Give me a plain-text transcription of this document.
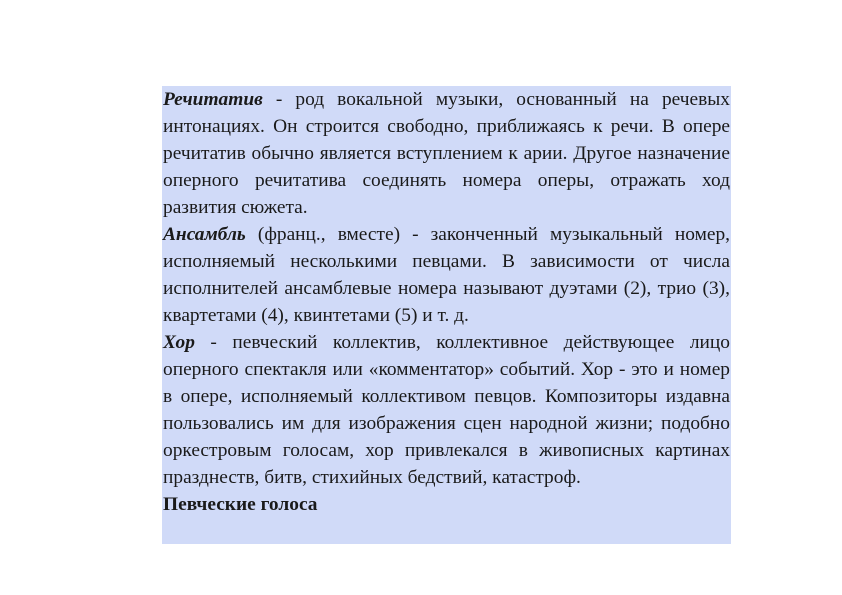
Речитатив - род вокальной музыки, основанный на речевых интонациях. Он строится свободно, приближаясь к речи. В опере речитатив обычно является вступлением к арии. Другое назначение оперного речитатива соединять номера оперы, отражать ход развития сюжета.

Ансамбль (франц., вместе) - законченный музыкальный номер, исполняемый несколькими певцами. В зависимости от числа исполнителей ансамблевые номера называют дуэтами (2), трио (3), квартетами (4), квинтетами (5) и т. д.

Хор - певческий коллектив, коллективное действующее лицо оперного спектакля или «комментатор» событий. Хор - это и номер в опере, исполняемый коллективом певцов. Композиторы издавна пользовались им для изображения сцен народной жизни; подобно оркестровым голосам, хор привлекался в живописных картинах празднеств, битв, стихийных бедствий, катастроф.

Певческие голоса
